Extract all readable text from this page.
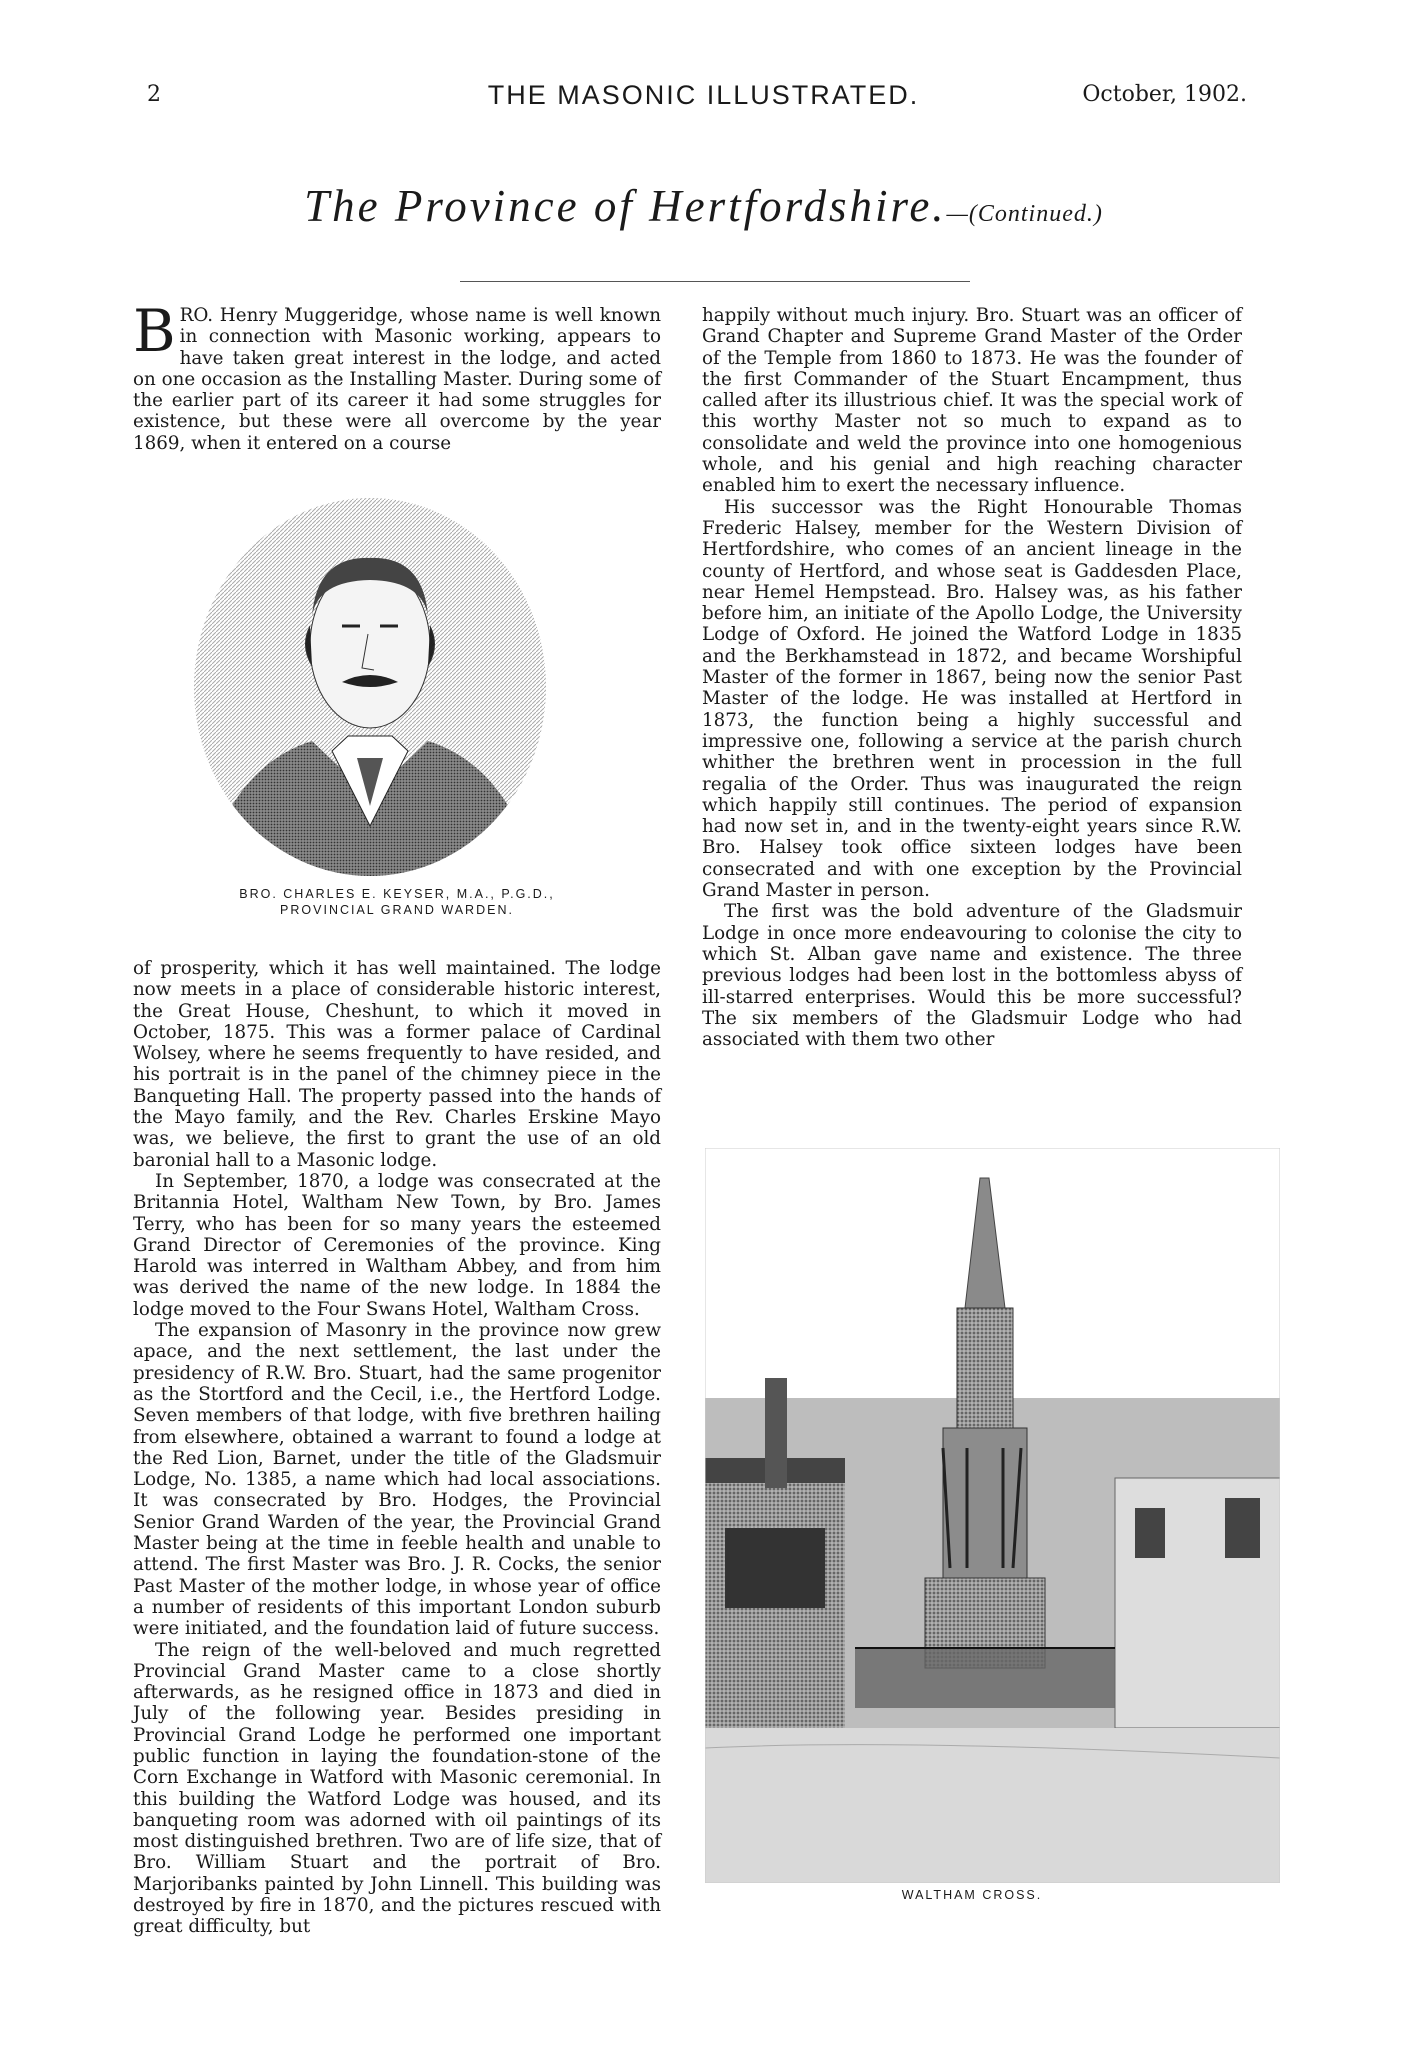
2	THE MASONIC ILLUSTRATED.	October, 1902.
The Province of Hertfordshire.—(Continued.)

BRO. Henry Muggeridge, whose name is well known in connection with Masonic working, appears to have taken great interest in the lodge, and acted on one occasion as the Installing Master. During some of the earlier part of its career it had some struggles for existence, but these were all overcome by the year 1869, when it entered on a course

BRO. CHARLES E. KEYSER, M.A., P.G.D.,
PROVINCIAL GRAND WARDEN.

of prosperity, which it has well maintained. The lodge now meets in a place of considerable historic interest, the Great House, Cheshunt, to which it moved in October, 1875. This was a former palace of Cardinal Wolsey, where he seems frequently to have resided, and his portrait is in the panel of the chimney piece in the Banqueting Hall. The property passed into the hands of the Mayo family, and the Rev. Charles Erskine Mayo was, we believe, the first to grant the use of an old baronial hall to a Masonic lodge.

In September, 1870, a lodge was consecrated at the Britannia Hotel, Waltham New Town, by Bro. James Terry, who has been for so many years the esteemed Grand Director of Ceremonies of the province. King Harold was interred in Waltham Abbey, and from him was derived the name of the new lodge. In 1884 the lodge moved to the Four Swans Hotel, Waltham Cross.

The expansion of Masonry in the province now grew apace, and the next settlement, the last under the presidency of R.W. Bro. Stuart, had the same progenitor as the Stortford and the Cecil, i.e., the Hertford Lodge. Seven members of that lodge, with five brethren hailing from elsewhere, obtained a warrant to found a lodge at the Red Lion, Barnet, under the title of the Gladsmuir Lodge, No. 1385, a name which had local associations. It was consecrated by Bro. Hodges, the Provincial Senior Grand Warden of the year, the Provincial Grand Master being at the time in feeble health and unable to attend. The first Master was Bro. J. R. Cocks, the senior Past Master of the mother lodge, in whose year of office a number of residents of this important London suburb were initiated, and the foundation laid of future success.

The reign of the well-beloved and much regretted Provincial Grand Master came to a close shortly afterwards, as he resigned office in 1873 and died in July of the following year. Besides presiding in Provincial Grand Lodge he performed one important public function in laying the foundation-stone of the Corn Exchange in Watford with Masonic ceremonial. In this building the Watford Lodge was housed, and its banqueting room was adorned with oil paintings of its most distinguished brethren. Two are of life size, that of Bro. William Stuart and the portrait of Bro. Marjoribanks painted by John Linnell. This building was destroyed by fire in 1870, and the pictures rescued with great difficulty, but

happily without much injury. Bro. Stuart was an officer of Grand Chapter and Supreme Grand Master of the Order of the Temple from 1860 to 1873. He was the founder of the first Commander of the Stuart Encampment, thus called after its illustrious chief. It was the special work of this worthy Master not so much to expand as to consolidate and weld the province into one homogenious whole, and his genial and high reaching character enabled him to exert the necessary influence.

His successor was the Right Honourable Thomas Frederic Halsey, member for the Western Division of Hertfordshire, who comes of an ancient lineage in the county of Hertford, and whose seat is Gaddesden Place, near Hemel Hempstead. Bro. Halsey was, as his father before him, an initiate of the Apollo Lodge, the University Lodge of Oxford. He joined the Watford Lodge in 1835 and the Berkhamstead in 1872, and became Worshipful Master of the former in 1867, being now the senior Past Master of the lodge. He was installed at Hertford in 1873, the function being a highly successful and impressive one, following a service at the parish church whither the brethren went in procession in the full regalia of the Order. Thus was inaugurated the reign which happily still continues. The period of expansion had now set in, and in the twenty-eight years since R.W. Bro. Halsey took office sixteen lodges have been consecrated and with one exception by the Provincial Grand Master in person.

The first was the bold adventure of the Gladsmuir Lodge in once more endeavouring to colonise the city to which St. Alban gave name and existence. The three previous lodges had been lost in the bottomless abyss of ill-starred enterprises. Would this be more successful? The six members of the Gladsmuir Lodge who had associated with them two other

WALTHAM CROSS.
